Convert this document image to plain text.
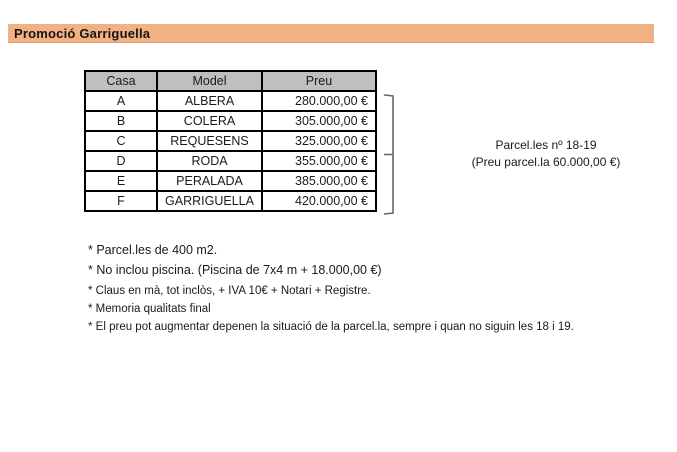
Promoció Garriguella
Casa	Model	Preu
A	ALBERA	280.000,00 €
B	COLERA	305.000,00 €
C	REQUESENS	325.000,00 €
D	RODA	355.000,00 €
E	PERALADA	385.000,00 €
F	GARRIGUELLA	420.000,00 €
Parcel.les nº 18-19
(Preu parcel.la 60.000,00 €)
* Parcel.les de 400 m2.
* No inclou piscina. (Piscina de 7x4 m + 18.000,00 €)
* Claus en mà, tot inclòs, + IVA 10€ + Notari + Registre.
* Memoria qualitats final
* El preu pot augmentar depenen la situació de la parcel.la, sempre i quan no siguin les 18 i 19.
